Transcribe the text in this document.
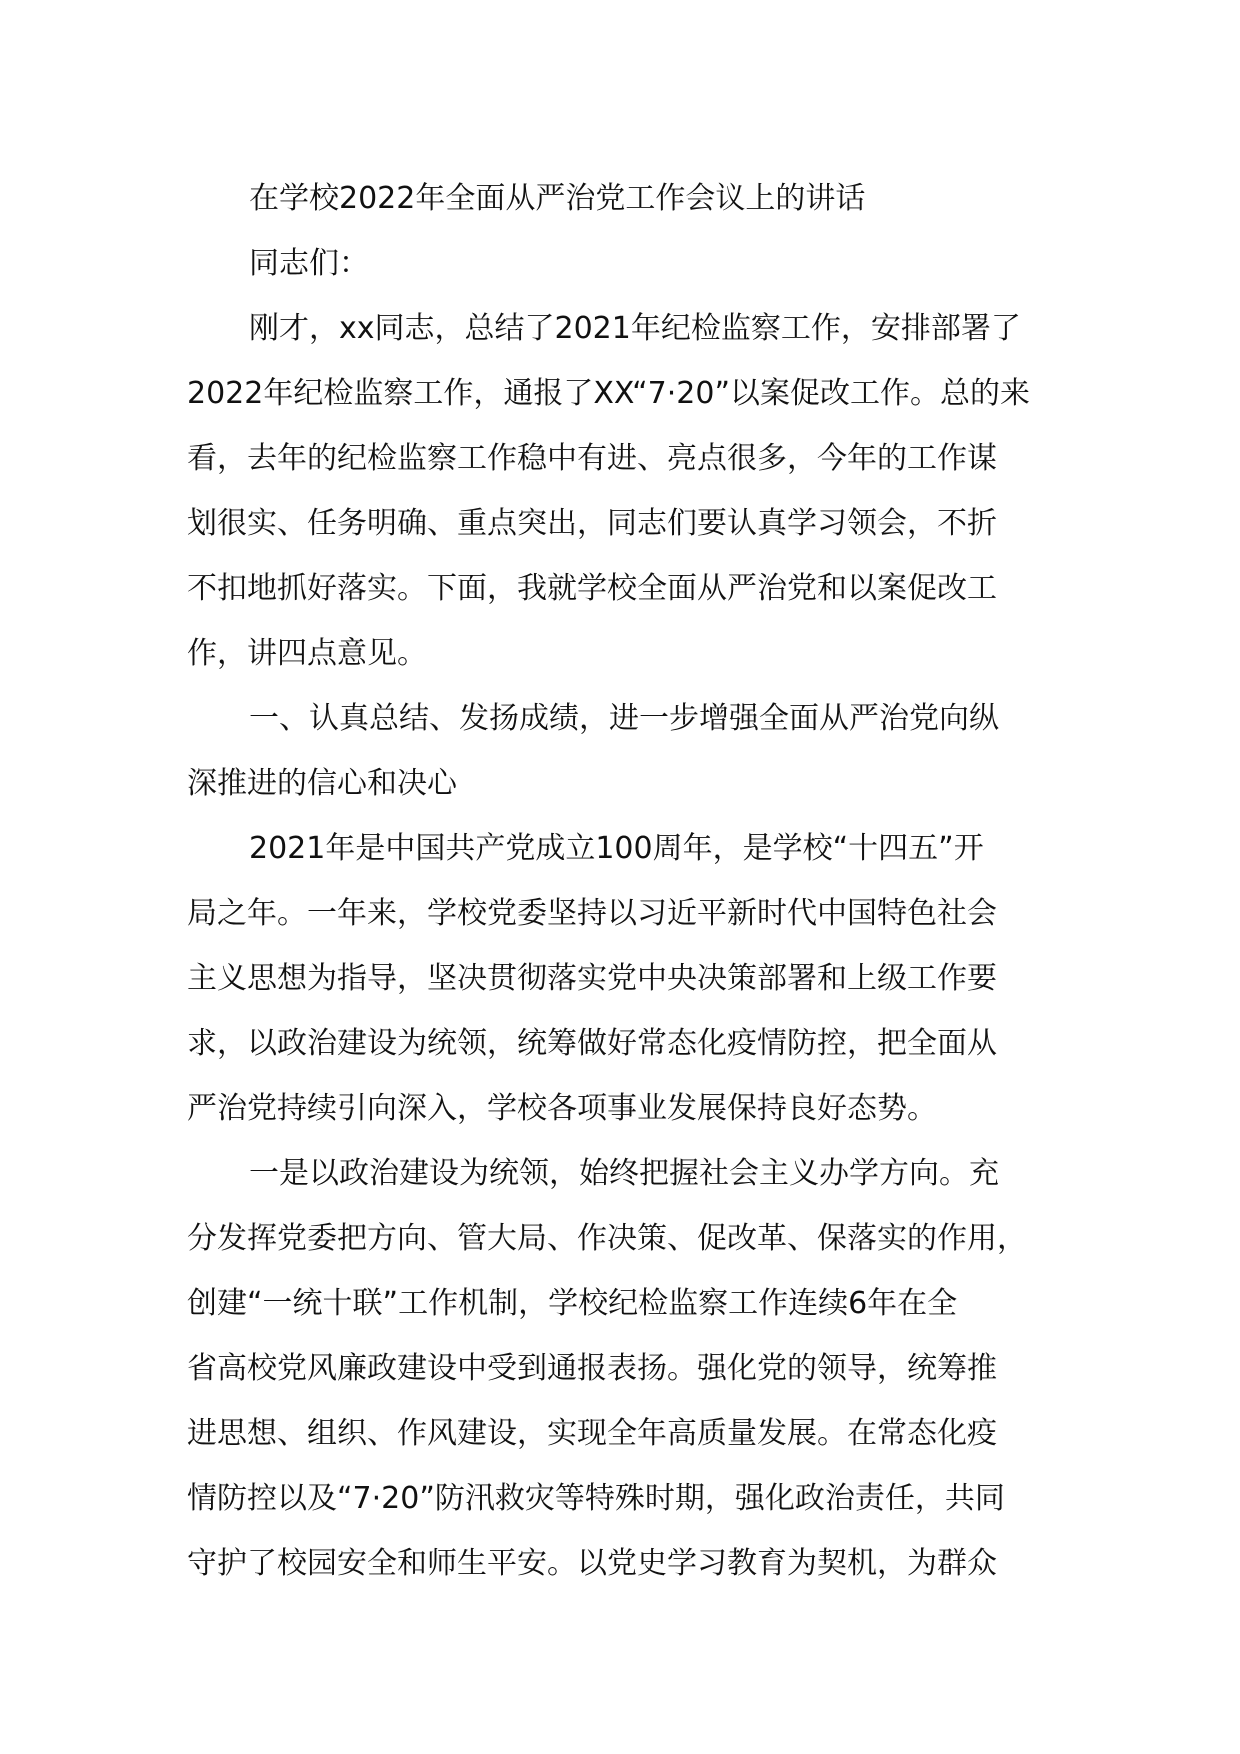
在学校2022年全面从严治党工作会议上的讲话
同志们：
刚才，xx同志，总结了2021年纪检监察工作，安排部署了
2022年纪检监察工作，通报了XX“7·20”以案促改工作。总的来
看，去年的纪检监察工作稳中有进、亮点很多，今年的工作谋
划很实、任务明确、重点突出，同志们要认真学习领会，不折
不扣地抓好落实。下面，我就学校全面从严治党和以案促改工
作，讲四点意见。
一、认真总结、发扬成绩，进一步增强全面从严治党向纵
深推进的信心和决心
2021年是中国共产党成立100周年，是学校“十四五”开
局之年。一年来，学校党委坚持以习近平新时代中国特色社会
主义思想为指导，坚决贯彻落实党中央决策部署和上级工作要
求，以政治建设为统领，统筹做好常态化疫情防控，把全面从
严治党持续引向深入，学校各项事业发展保持良好态势。
一是以政治建设为统领，始终把握社会主义办学方向。充
分发挥党委把方向、管大局、作决策、促改革、保落实的作用，
创建“一统十联”工作机制，学校纪检监察工作连续6年在全
省高校党风廉政建设中受到通报表扬。强化党的领导，统筹推
进思想、组织、作风建设，实现全年高质量发展。在常态化疫
情防控以及“7·20”防汛救灾等特殊时期，强化政治责任，共同
守护了校园安全和师生平安。以党史学习教育为契机，为群众
